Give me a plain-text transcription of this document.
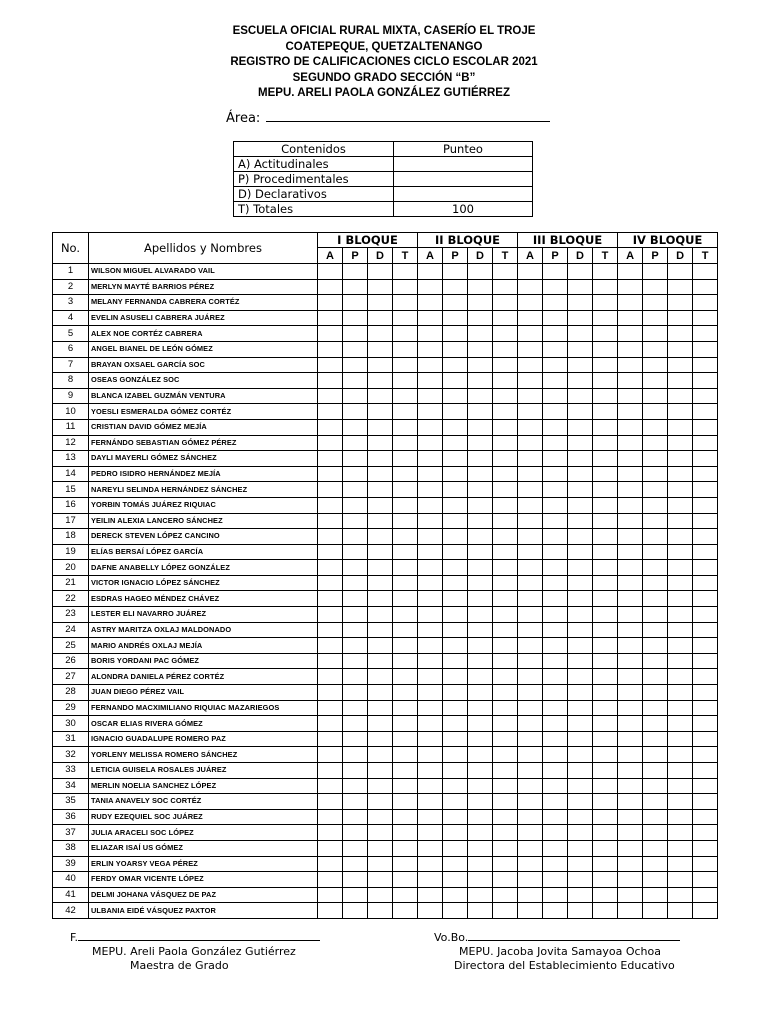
ESCUELA OFICIAL RURAL MIXTA, CASERÍO EL TROJE
COATEPEQUE, QUETZALTENANGO
REGISTRO DE CALIFICACIONES CICLO ESCOLAR 2021
SEGUNDO GRADO SECCIÓN “B”
MEPU. ARELI PAOLA GONZÁLEZ GUTIÉRREZ
Área:
Contenidos	Punteo
A) Actitudinales	
P) Procedimentales	
D) Declarativos	
T) Totales	100
No.	Apellidos y Nombres	I BLOQUE				II BLOQUE				III BLOQUE				IV BLOQUE			
		A	P	D	T	A	P	D	T	A	P	D	T	A	P	D	T
1	WILSON MIGUEL ALVARADO VAIL																
2	MERLYN MAYTÉ BARRIOS PÉREZ																
3	MELANY FERNANDA CABRERA CORTÉZ																
4	EVELIN ASUSELI CABRERA JUÁREZ																
5	ALEX NOE CORTÉZ CABRERA																
6	ANGEL BIANEL DE LEÓN GÓMEZ																
7	BRAYAN OXSAEL GARCÍA SOC																
8	OSEAS GONZÁLEZ SOC																
9	BLANCA IZABEL GUZMÁN VENTURA																
10	YOESLI ESMERALDA GÓMEZ CORTÉZ																
11	CRISTIAN DAVID GÓMEZ MEJÍA																
12	FERNÁNDO SEBASTIAN GÓMEZ PÉREZ																
13	DAYLI MAYERLI GÓMEZ SÁNCHEZ																
14	PEDRO ISIDRO HERNÁNDEZ MEJÍA																
15	NAREYLI SELINDA HERNÁNDEZ SÁNCHEZ																
16	YORBIN TOMÁS JUÁREZ RIQUIAC																
17	YEILIN ALEXIA LANCERO SÁNCHEZ																
18	DERECK STEVEN LÓPEZ CANCINO																
19	ELÍAS BERSAÍ LÓPEZ GARCÍA																
20	DAFNE ANABELLY LÓPEZ GONZÁLEZ																
21	VICTOR IGNACIO LÓPEZ SÁNCHEZ																
22	ESDRAS HAGEO MÉNDEZ CHÁVEZ																
23	LESTER ELI NAVARRO JUÁREZ																
24	ASTRY MARITZA OXLAJ MALDONADO																
25	MARIO ANDRÉS OXLAJ MEJÍA																
26	BORIS YORDANI PAC GÓMEZ																
27	ALONDRA DANIELA PÉREZ CORTÉZ																
28	JUAN DIEGO PÉREZ VAIL																
29	FERNANDO MACXIMILIANO RIQUIAC MAZARIEGOS																
30	OSCAR ELIAS RIVERA GÓMEZ																
31	IGNACIO GUADALUPE ROMERO PAZ																
32	YORLENY MELISSA ROMERO SÁNCHEZ																
33	LETICIA GUISELA ROSALES JUÁREZ																
34	MERLIN NOELIA SANCHEZ LÓPEZ																
35	TANIA ANAVELY SOC CORTÉZ																
36	RUDY EZEQUIEL SOC JUÁREZ																
37	JULIA ARACELI SOC LÓPEZ																
38	ELIAZAR ISAÍ US GÓMEZ																
39	ERLIN YOARSY VEGA PÉREZ																
40	FERDY OMAR VICENTE LÓPEZ																
41	DELMI JOHANA VÁSQUEZ DE PAZ																
42	ULBANIA EIDÉ VÁSQUEZ PAXTOR																
F.
MEPU. Areli Paola González Gutiérrez
Maestra de Grado
Vo.Bo.
MEPU. Jacoba Jovita Samayoa Ochoa
Directora del Establecimiento Educativo
